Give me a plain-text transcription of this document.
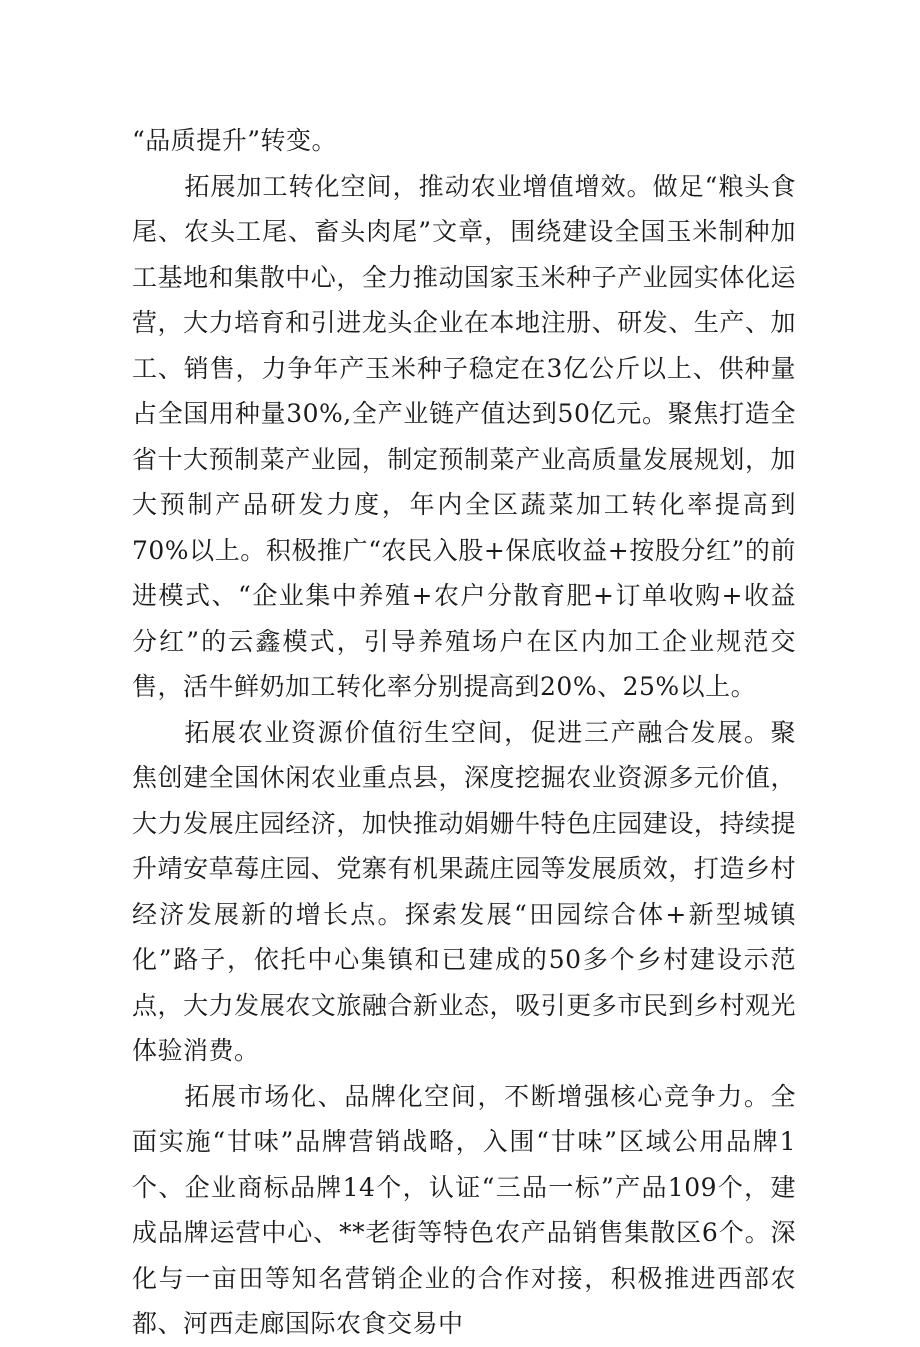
“品质提升”转变。

拓展加工转化空间，推动农业增值增效。做足“粮头食尾、农头工尾、畜头肉尾”文章，围绕建设全国玉米制种加工基地和集散中心，全力推动国家玉米种子产业园实体化运营，大力培育和引进龙头企业在本地注册、研发、生产、加工、销售，力争年产玉米种子稳定在3亿公斤以上、供种量占全国用种量30%,全产业链产值达到50亿元。聚焦打造全省十大预制菜产业园，制定预制菜产业高质量发展规划，加大预制产品研发力度，年内全区蔬菜加工转化率提高到70%以上。积极推广“农民入股+保底收益+按股分红”的前进模式、“企业集中养殖+农户分散育肥+订单收购+收益分红”的云鑫模式，引导养殖场户在区内加工企业规范交售，活牛鲜奶加工转化率分别提高到20%、25%以上。

拓展农业资源价值衍生空间，促进三产融合发展。聚焦创建全国休闲农业重点县，深度挖掘农业资源多元价值，大力发展庄园经济，加快推动娟姗牛特色庄园建设，持续提升靖安草莓庄园、党寨有机果蔬庄园等发展质效，打造乡村经济发展新的增长点。探索发展“田园综合体+新型城镇化”路子，依托中心集镇和已建成的50多个乡村建设示范点，大力发展农文旅融合新业态，吸引更多市民到乡村观光体验消费。

拓展市场化、品牌化空间，不断增强核心竞争力。全面实施“甘味”品牌营销战略，入围“甘味”区域公用品牌1个、企业商标品牌14个，认证“三品一标”产品109个，建成品牌运营中心、**老街等特色农产品销售集散区6个。深化与一亩田等知名营销企业的合作对接，积极推进西部农都、河西走廊国际农食交易中
